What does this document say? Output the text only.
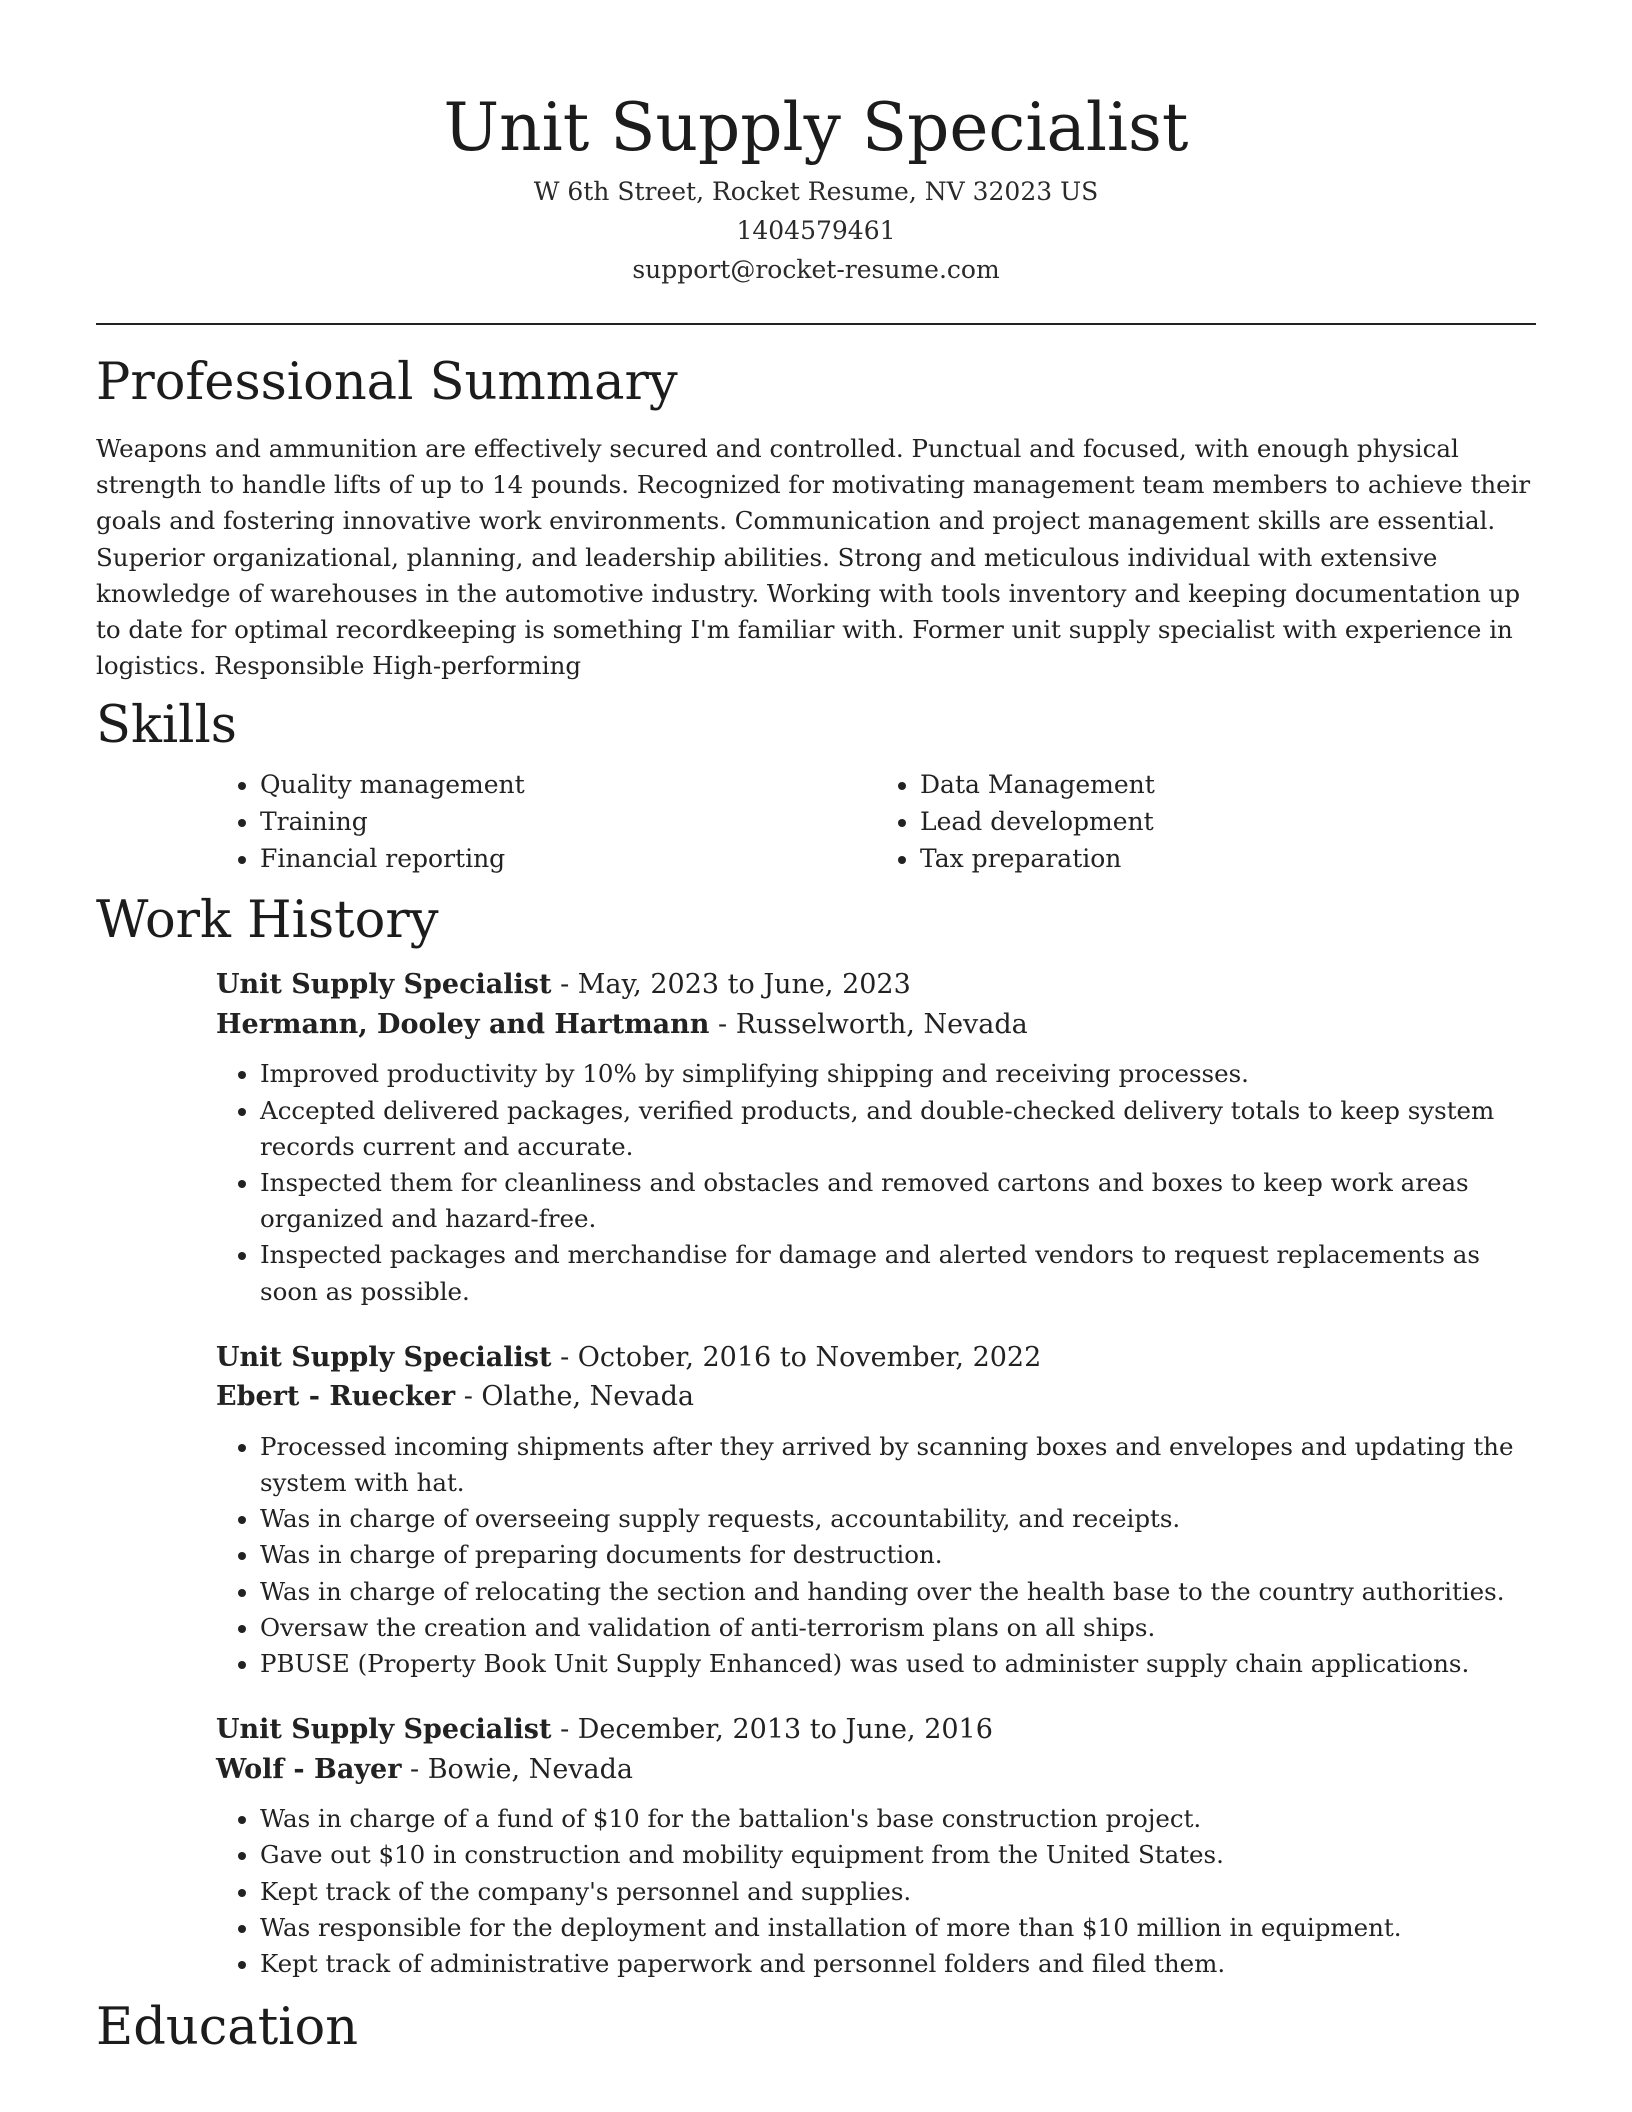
Unit Supply Specialist
W 6th Street, Rocket Resume, NV 32023 US
1404579461
support@rocket-resume.com
Professional Summary

Weapons and ammunition are effectively secured and controlled. Punctual and focused, with enough physical strength to handle lifts of up to 14 pounds. Recognized for motivating management team members to achieve their goals and fostering innovative work environments. Communication and project management skills are essential. Superior organizational, planning, and leadership abilities. Strong and meticulous individual with extensive knowledge of warehouses in the automotive industry. Working with tools inventory and keeping documentation up to date for optimal recordkeeping is something I'm familiar with. Former unit supply specialist with experience in logistics. Responsible High-performing

Skills
• Quality management
• Training
• Financial reporting
• Data Management
• Lead development
• Tax preparation
Work History
Unit Supply Specialist - May, 2023 to June, 2023
Hermann, Dooley and Hartmann - Russelworth, Nevada
• Improved productivity by 10% by simplifying shipping and receiving processes.
• Accepted delivered packages, verified products, and double-checked delivery totals to keep system records current and accurate.
• Inspected them for cleanliness and obstacles and removed cartons and boxes to keep work areas organized and hazard-free.
• Inspected packages and merchandise for damage and alerted vendors to request replacements as soon as possible.
Unit Supply Specialist - October, 2016 to November, 2022
Ebert - Ruecker - Olathe, Nevada
• Processed incoming shipments after they arrived by scanning boxes and envelopes and updating the system with hat.
• Was in charge of overseeing supply requests, accountability, and receipts.
• Was in charge of preparing documents for destruction.
• Was in charge of relocating the section and handing over the health base to the country authorities.
• Oversaw the creation and validation of anti-terrorism plans on all ships.
• PBUSE (Property Book Unit Supply Enhanced) was used to administer supply chain applications.
Unit Supply Specialist - December, 2013 to June, 2016
Wolf - Bayer - Bowie, Nevada
• Was in charge of a fund of $10 for the battalion's base construction project.
• Gave out $10 in construction and mobility equipment from the United States.
• Kept track of the company's personnel and supplies.
• Was responsible for the deployment and installation of more than $10 million in equipment.
• Kept track of administrative paperwork and personnel folders and filed them.
Education
